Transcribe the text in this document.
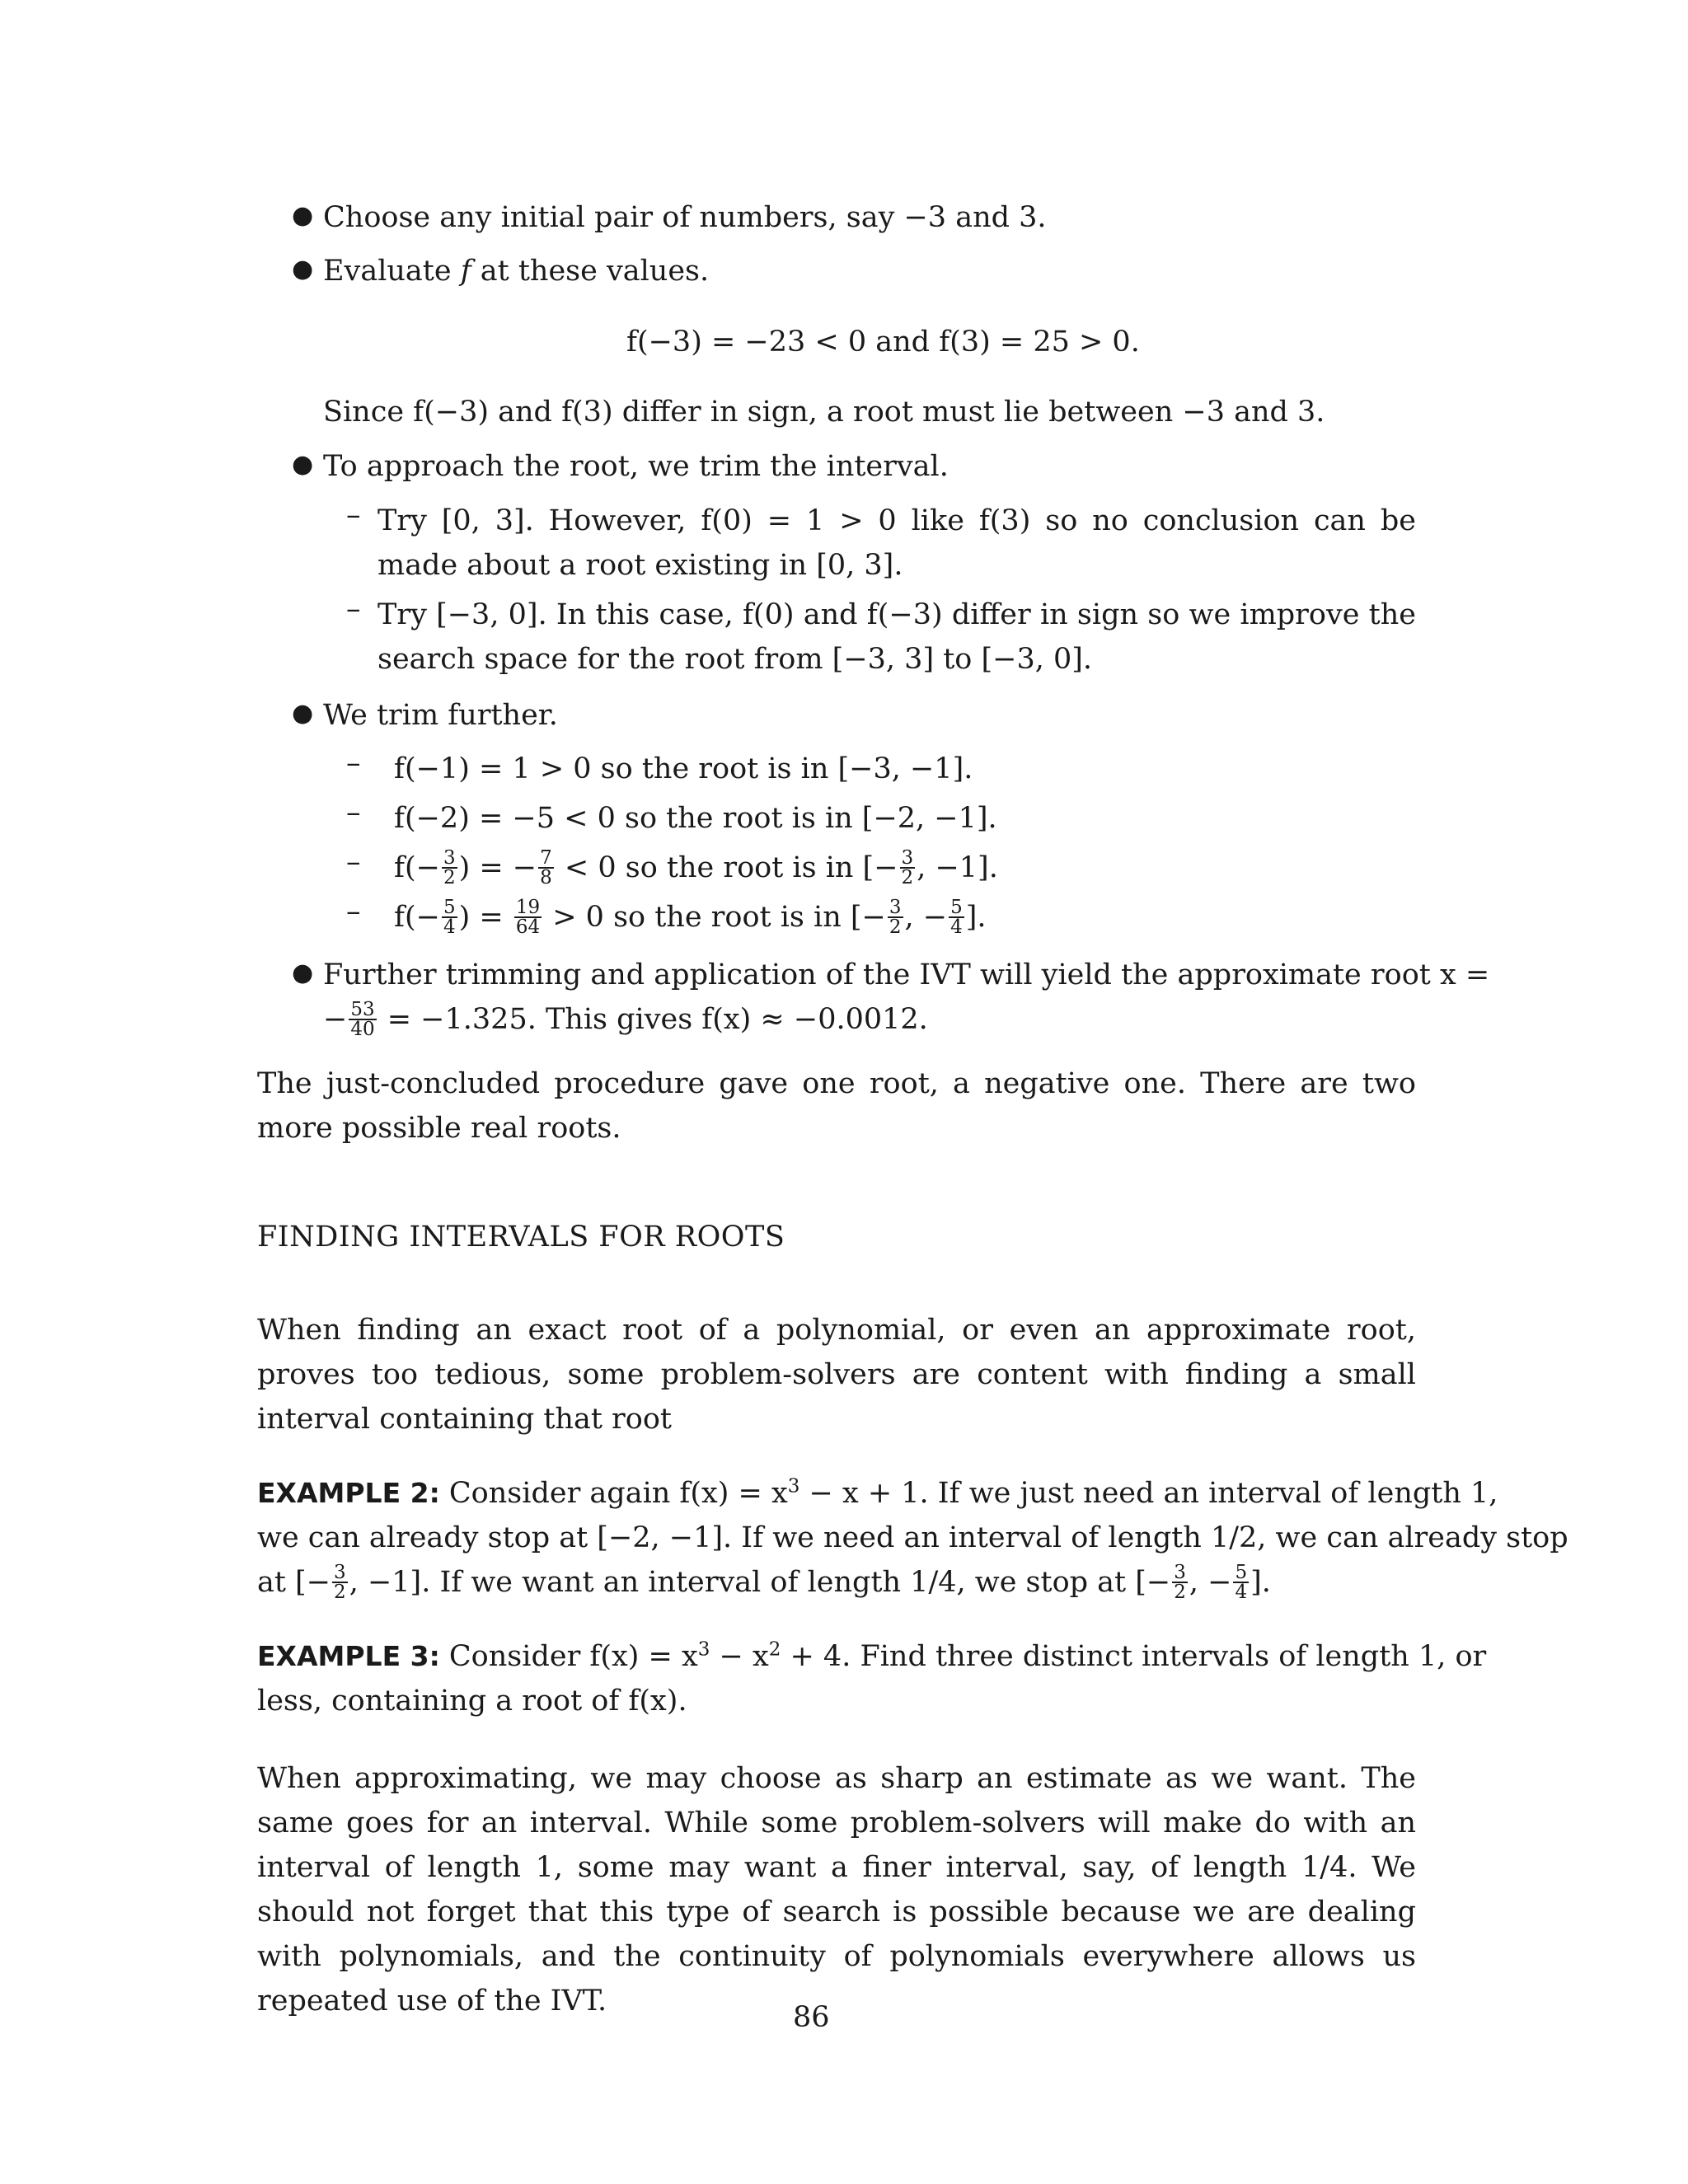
● Choose any initial pair of numbers, say −3 and 3.
● Evaluate f at these values.
f(−3) = −23 < 0 and f(3) = 25 > 0.
Since f(−3) and f(3) differ in sign, a root must lie between −3 and 3.
● To approach the root, we trim the interval.
– Try [0, 3]. However, f(0) = 1 > 0 like f(3) so no conclusion can be made about a root existing in [0, 3].
– Try [−3, 0]. In this case, f(0) and f(−3) differ in sign so we improve the search space for the root from [−3, 3] to [−3, 0].
● We trim further.
– f(−1) = 1 > 0 so the root is in [−3, −1].
– f(−2) = −5 < 0 so the root is in [−2, −1].
– $f(- \frac{3}{2}$ ) = − $\frac{7}{8} < 0$ so the root is in [− $\frac{3}{2}$ , −1].
– $f(- \frac{5}{4}$ ) = $\frac{19}{64} > 0$ so the root is in [− $\frac{3}{2}$ , − $\frac{5}{4}$ ].
● Further trimming and application of the IVT will yield the approximate root x =
− $\frac{53}{40} = -1.325$. This gives f(x) ≈ −0.0012.
The just-concluded procedure gave one root, a negative one. There are two more possible real roots.
FINDING INTERVALS FOR ROOTS
When finding an exact root of a polynomial, or even an approximate root, proves too tedious, some problem-solvers are content with finding a small interval containing that root
EXAMPLE 2: Consider again $f(x) = x^3 - x + 1$. If we just need an interval of length 1,
we can already stop at [−2, −1]. If we need an interval of length 1/2, we can already stop
at [− $\frac{3}{2}$ , −1]. If we want an interval of length 1/4, we stop at [− $\frac{3}{2}$ , − $\frac{5}{4}$ ].
EXAMPLE 3: Consider $f(x) = x^3 - x^2 + 4$. Find three distinct intervals of length 1, or
less, containing a root of f(x).
When approximating, we may choose as sharp an estimate as we want. The same goes for an interval. While some problem-solvers will make do with an interval of length 1, some may want a finer interval, say, of length 1/4. We should not forget that this type of search is possible because we are dealing with polynomials, and the continuity of polynomials everywhere allows us repeated use of the IVT.	86
